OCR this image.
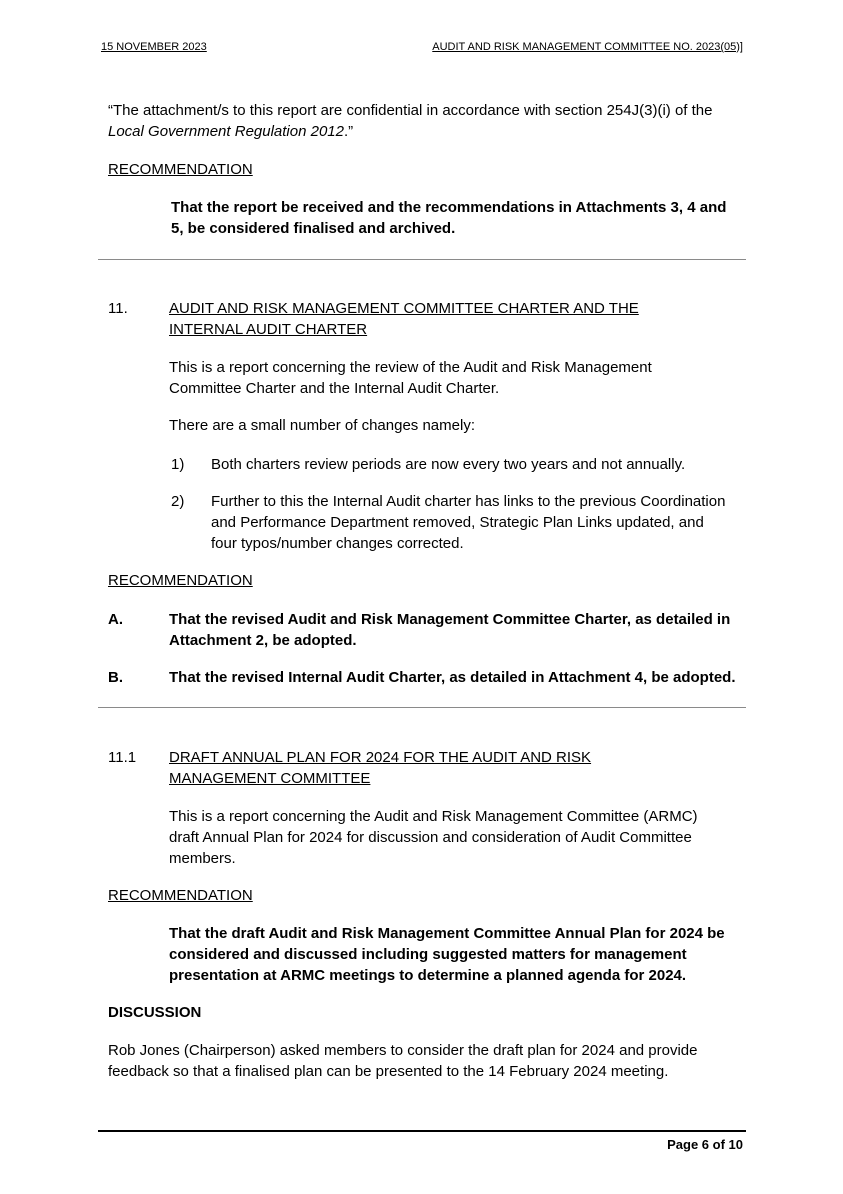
15 NOVEMBER 2023	AUDIT AND RISK MANAGEMENT COMMITTEE NO. 2023(05)]
“The attachment/s to this report are confidential in accordance with section 254J(3)(i) of the Local Government Regulation 2012.”
RECOMMENDATION
That the report be received and the recommendations in Attachments 3, 4 and 5, be considered finalised and archived.
11.	AUDIT AND RISK MANAGEMENT COMMITTEE CHARTER AND THE INTERNAL AUDIT CHARTER
This is a report concerning the review of the Audit and Risk Management Committee Charter and the Internal Audit Charter.
There are a small number of changes namely:
1) Both charters review periods are now every two years and not annually.
2) Further to this the Internal Audit charter has links to the previous Coordination and Performance Department removed, Strategic Plan Links updated, and four typos/number changes corrected.
RECOMMENDATION
A.	That the revised Audit and Risk Management Committee Charter, as detailed in Attachment 2, be adopted.
B.	That the revised Internal Audit Charter, as detailed in Attachment 4, be adopted.
11.1 DRAFT ANNUAL PLAN FOR 2024 FOR THE AUDIT AND RISK MANAGEMENT COMMITTEE
This is a report concerning the Audit and Risk Management Committee (ARMC) draft Annual Plan for 2024 for discussion and consideration of Audit Committee members.
RECOMMENDATION
That the draft Audit and Risk Management Committee Annual Plan for 2024 be considered and discussed including suggested matters for management presentation at ARMC meetings to determine a planned agenda for 2024.
DISCUSSION
Rob Jones (Chairperson) asked members to consider the draft plan for 2024 and provide feedback so that a finalised plan can be presented to the 14 February 2024 meeting.
Page 6 of 10
